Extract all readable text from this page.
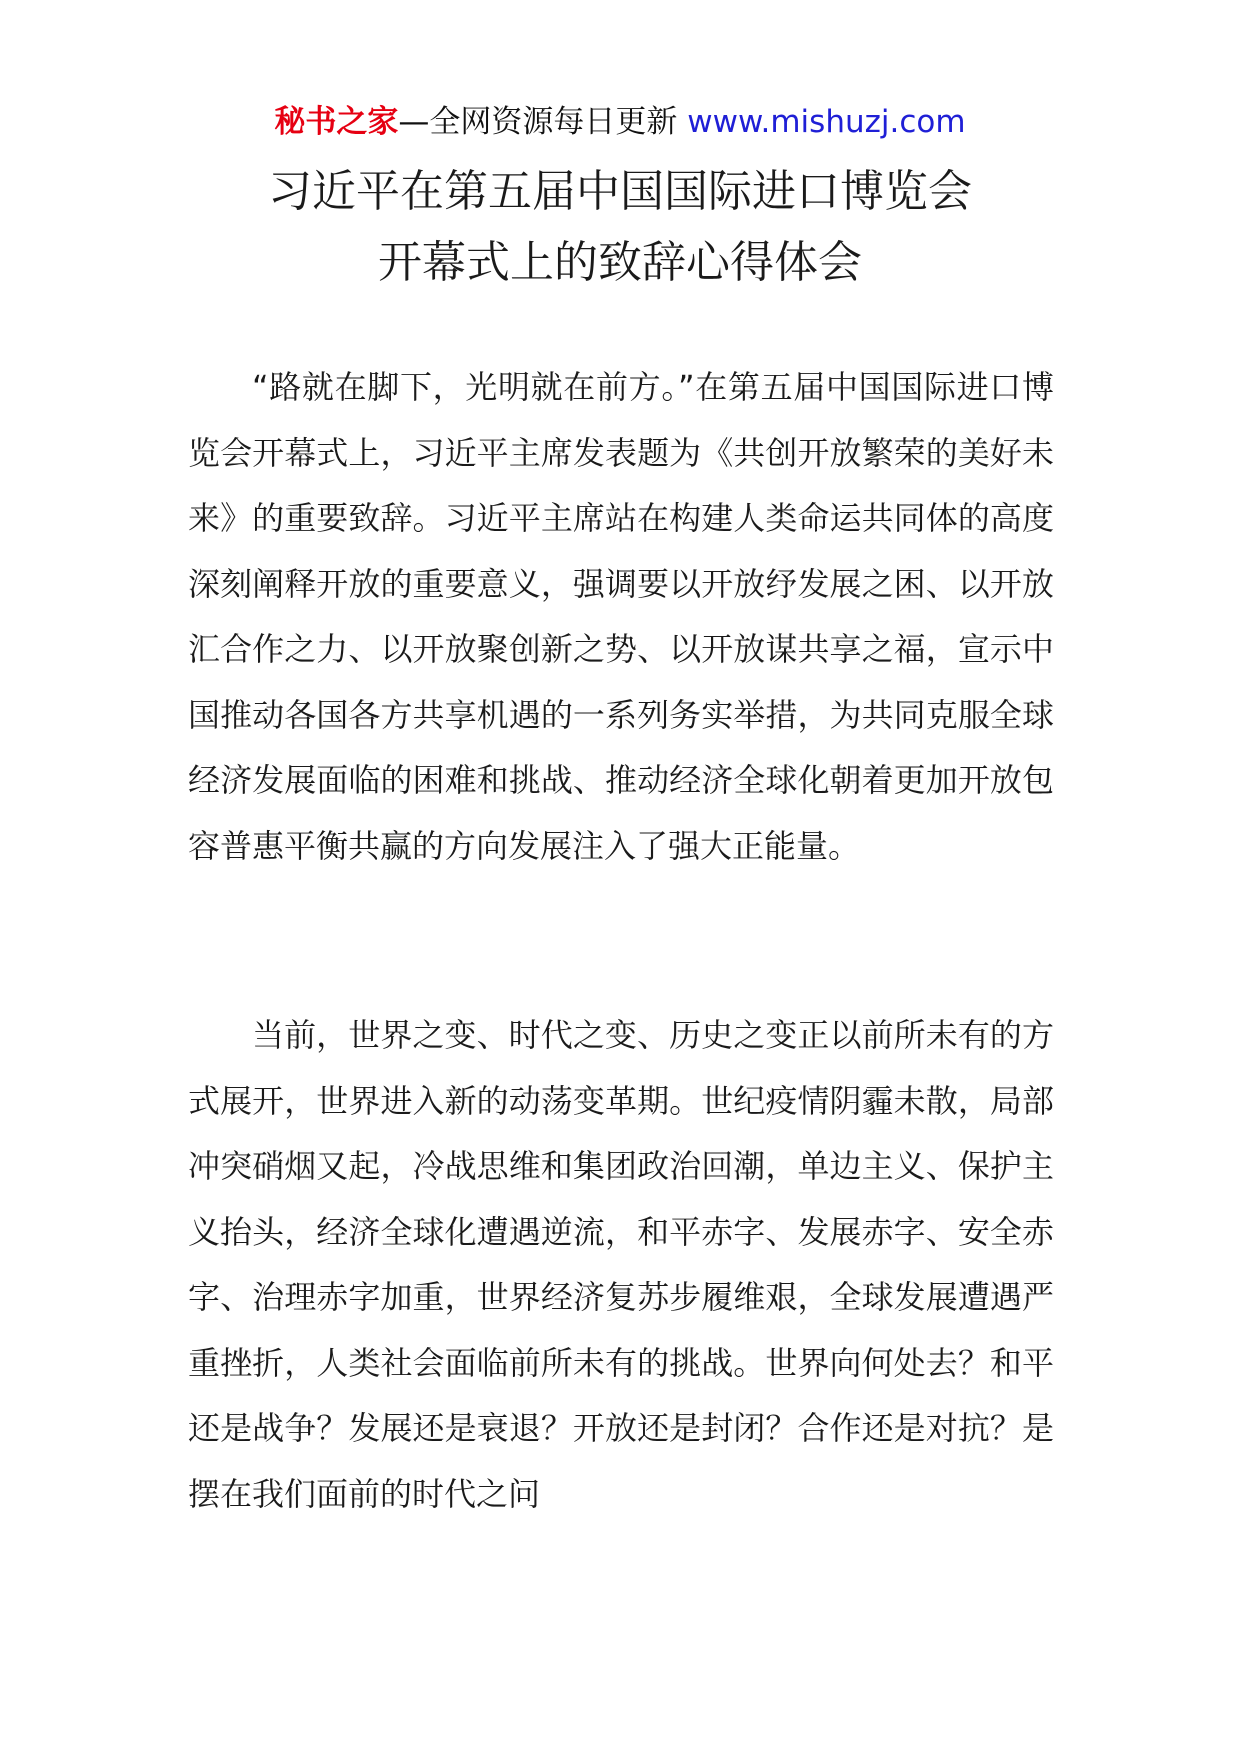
秘书之家—全网资源每日更新 www.mishuzj.com
习近平在第五届中国国际进口博览会
开幕式上的致辞心得体会

“路就在脚下，光明就在前方。”在第五届中国国际进口博览会开幕式上，习近平主席发表题为《共创开放繁荣的美好未来》的重要致辞。习近平主席站在构建人类命运共同体的高度深刻阐释开放的重要意义，强调要以开放纾发展之困、以开放汇合作之力、以开放聚创新之势、以开放谋共享之福，宣示中国推动各国各方共享机遇的一系列务实举措，为共同克服全球经济发展面临的困难和挑战、推动经济全球化朝着更加开放包容普惠平衡共赢的方向发展注入了强大正能量。

当前，世界之变、时代之变、历史之变正以前所未有的方式展开，世界进入新的动荡变革期。世纪疫情阴霾未散，局部冲突硝烟又起，冷战思维和集团政治回潮，单边主义、保护主义抬头，经济全球化遭遇逆流，和平赤字、发展赤字、安全赤字、治理赤字加重，世界经济复苏步履维艰，全球发展遭遇严重挫折，人类社会面临前所未有的挑战。世界向何处去？和平还是战争？发展还是衰退？开放还是封闭？合作还是对抗？是摆在我们面前的时代之问
